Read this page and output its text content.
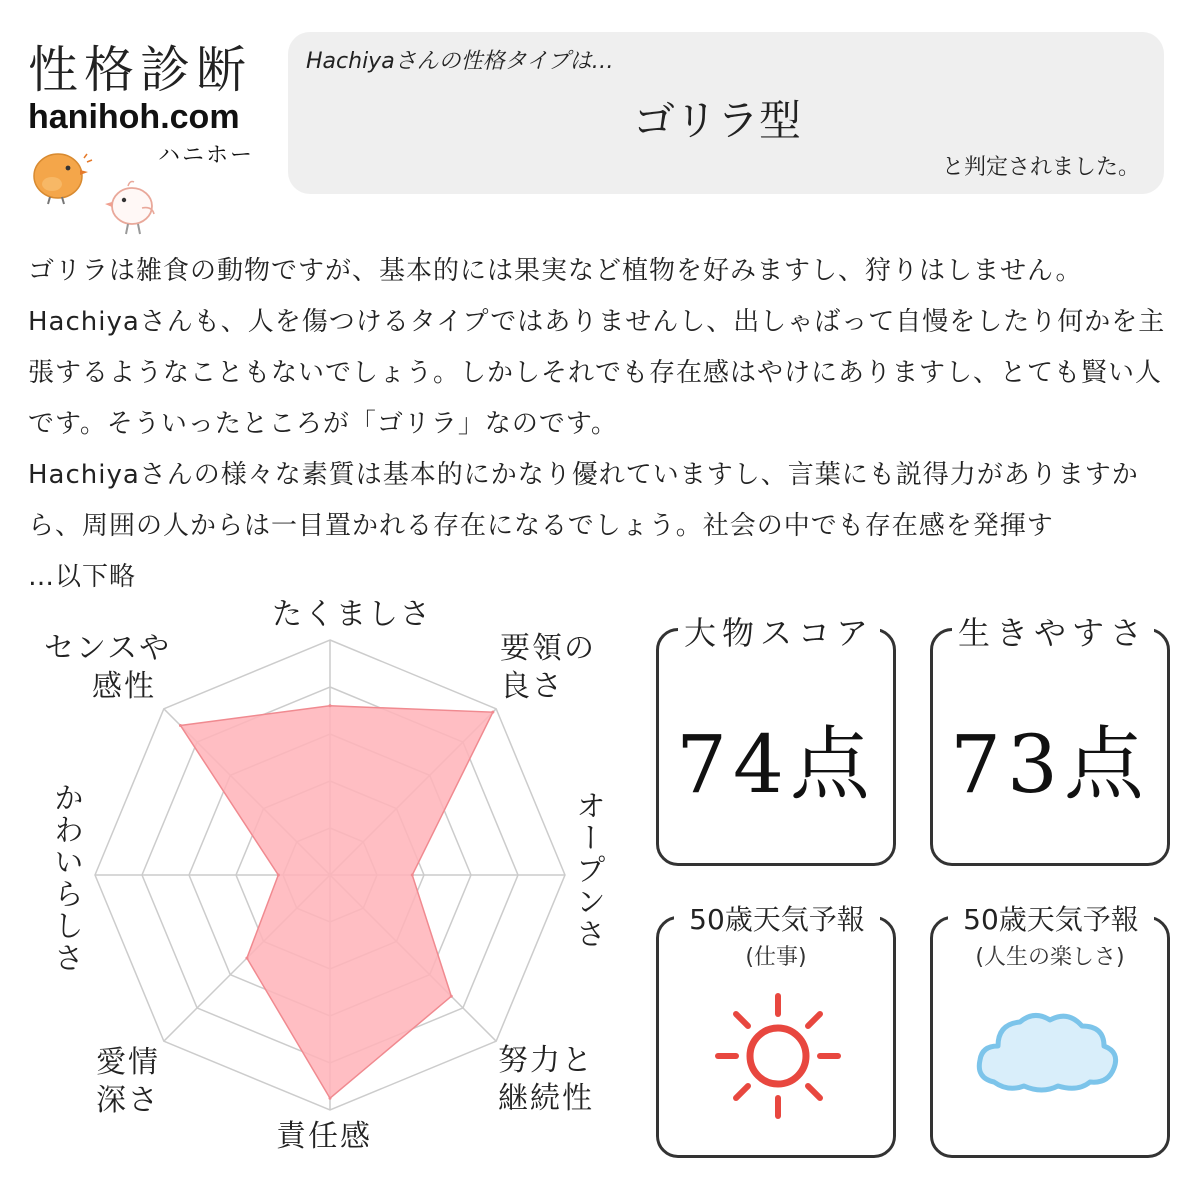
性格診断
hanihoh.com
ハニホー
Hachiyaさんの性格タイプは…
ゴリラ型
と判定されました。

ゴリラは雑食の動物ですが、基本的には果実など植物を好みますし、狩りはしません。Hachiyaさんも、人を傷つけるタイプではありませんし、出しゃばって自慢をしたり何かを主張するようなこともないでしょう。しかしそれでも存在感はやけにありますし、とても賢い人です。そういったところが「ゴリラ」なのです。

Hachiyaさんの様々な素質は基本的にかなり優れていますし、言葉にも説得力がありますから、周囲の人からは一目置かれる存在になるでしょう。社会の中でも存在感を発揮す

…以下略

たくましさ
要領の
良さ
オープンさ
努力と
継続性
責任感
愛情
深さ
かわいらしさ
センスや
感性
大物スコア
74点
生きやすさ
73点
50歳天気予報
(仕事)
50歳天気予報
(人生の楽しさ)
